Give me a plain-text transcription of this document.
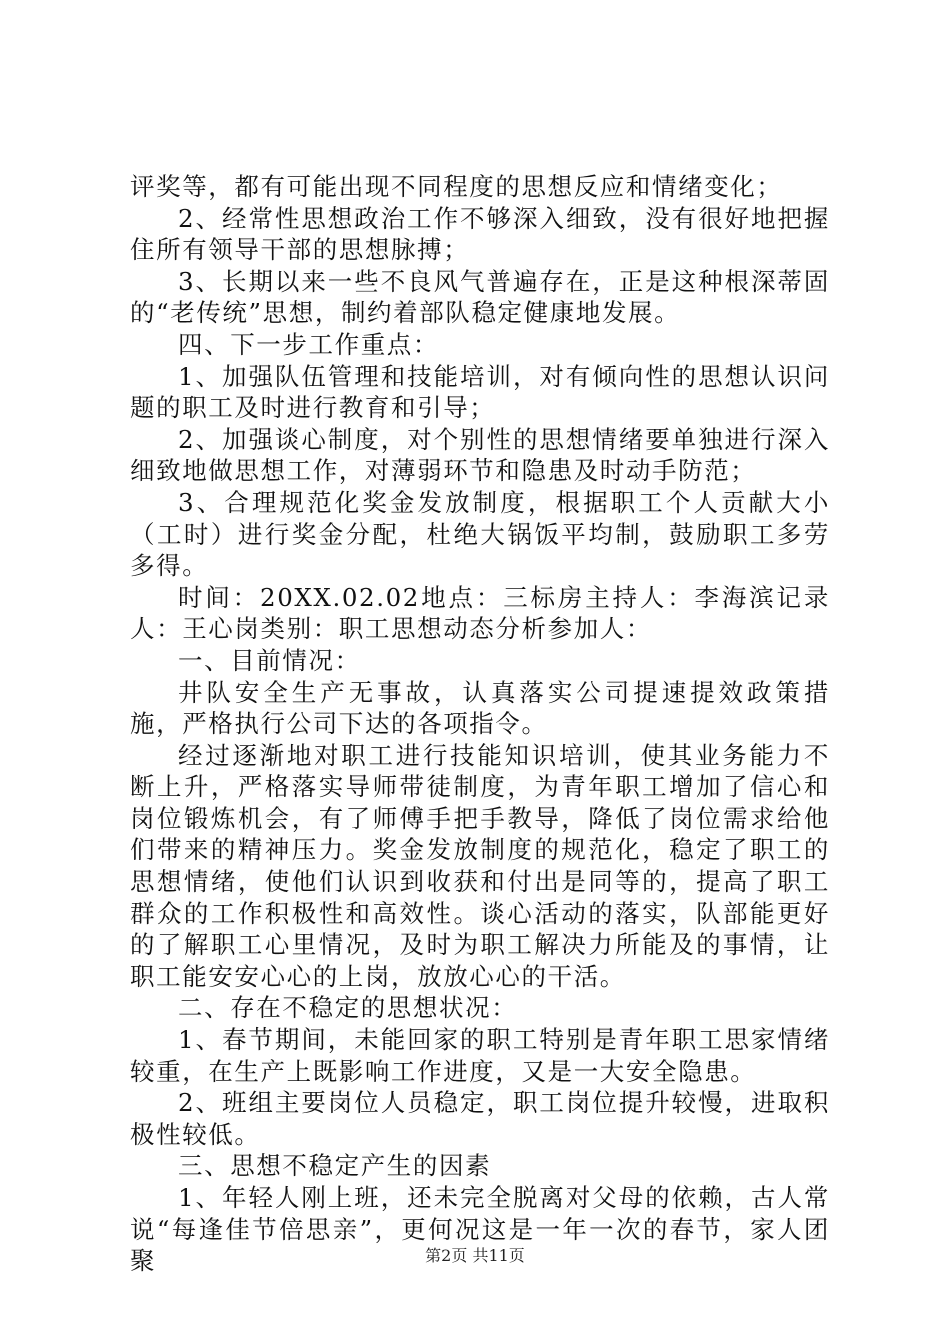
评奖等，都有可能出现不同程度的思想反应和情绪变化；

2、经常性思想政治工作不够深入细致，没有很好地把握住所有领导干部的思想脉搏；

3、长期以来一些不良风气普遍存在，正是这种根深蒂固的“老传统”思想，制约着部队稳定健康地发展。

四、下一步工作重点：

1、加强队伍管理和技能培训，对有倾向性的思想认识问题的职工及时进行教育和引导；

2、加强谈心制度，对个别性的思想情绪要单独进行深入细致地做思想工作，对薄弱环节和隐患及时动手防范；

3、合理规范化奖金发放制度，根据职工个人贡献大小（工时）进行奖金分配，杜绝大锅饭平均制，鼓励职工多劳多得。

时间：20XX.02.02地点：三标房主持人：李海滨记录人：王心岗类别：职工思想动态分析参加人：

一、目前情况：

井队安全生产无事故，认真落实公司提速提效政策措施，严格执行公司下达的各项指令。

经过逐渐地对职工进行技能知识培训，使其业务能力不断上升，严格落实导师带徒制度，为青年职工增加了信心和岗位锻炼机会，有了师傅手把手教导，降低了岗位需求给他们带来的精神压力。奖金发放制度的规范化，稳定了职工的思想情绪，使他们认识到收获和付出是同等的，提高了职工群众的工作积极性和高效性。谈心活动的落实，队部能更好的了解职工心里情况，及时为职工解决力所能及的事情，让职工能安安心心的上岗，放放心心的干活。

二、存在不稳定的思想状况：

1、春节期间，未能回家的职工特别是青年职工思家情绪较重，在生产上既影响工作进度，又是一大安全隐患。

2、班组主要岗位人员稳定，职工岗位提升较慢，进取积极性较低。

三、思想不稳定产生的因素

1、年轻人刚上班，还未完全脱离对父母的依赖，古人常说“每逢佳节倍思亲”，更何况这是一年一次的春节，家人团聚	第2页 共11页
